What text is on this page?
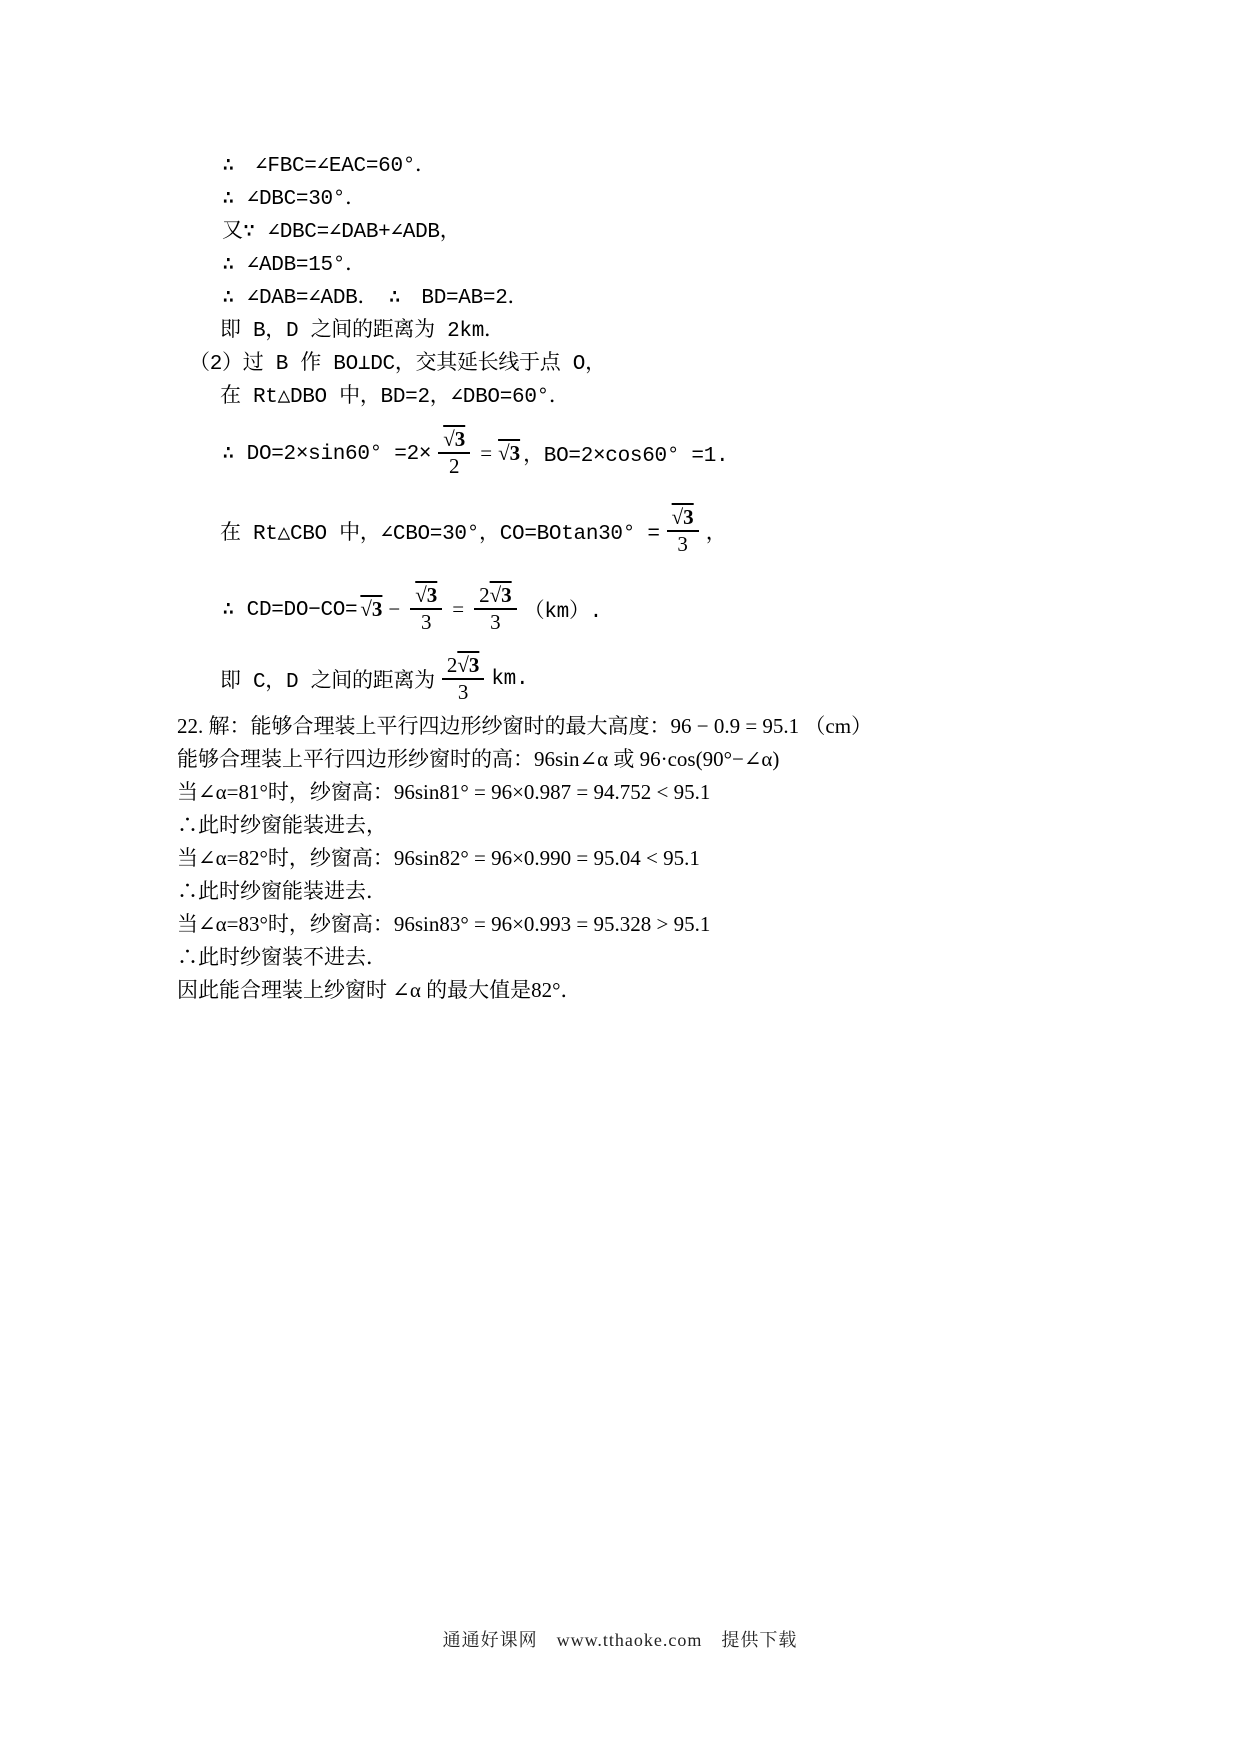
∴　∠FBC=∠EAC=60°．
∴ ∠DBC=30°．
又∵ ∠DBC=∠DAB+∠ADB，
∴ ∠ADB=15°．
∴ ∠DAB=∠ADB．　∴　BD=AB=2．
即 B，D 之间的距离为 2km．
（2）过 B 作 BO⊥DC，交其延长线于点 O，
在 Rt△DBO 中，BD=2，∠DBO=60°．
∴ $DO=2\times\sin 60^\circ =2\times \frac{√3}{2} = √3$ ，BO=2×cos60° =1.
在 Rt△CBO 中，∠CBO=30°，$CO=BOtan30^\circ = \frac{√3}{3}$ ，
∴ $CD=DO-CO= √3 - \frac{√3}{3} = \frac{2√3}{3} (km)$.
即 C，D 之间的距离为 $\frac{2√3}{3}$ km.
22. 解：能够合理装上平行四边形纱窗时的最大高度：96 − 0.9 = 95.1 （cm）
能够合理装上平行四边形纱窗时的高：96sin∠α 或 96·cos(90°−∠α)
当∠α=81°时，纱窗高：96sin81° = 96×0.987 = 94.752 < 95.1
∴此时纱窗能装进去，
当∠α=82°时，纱窗高：96sin82° = 96×0.990 = 95.04 < 95.1
∴此时纱窗能装进去．
当∠α=83°时，纱窗高：96sin83° = 96×0.993 = 95.328 > 95.1
∴此时纱窗装不进去．
因此能合理装上纱窗时 ∠α 的最大值是82°．
通通好课网　www.tthaoke.com　提供下载
